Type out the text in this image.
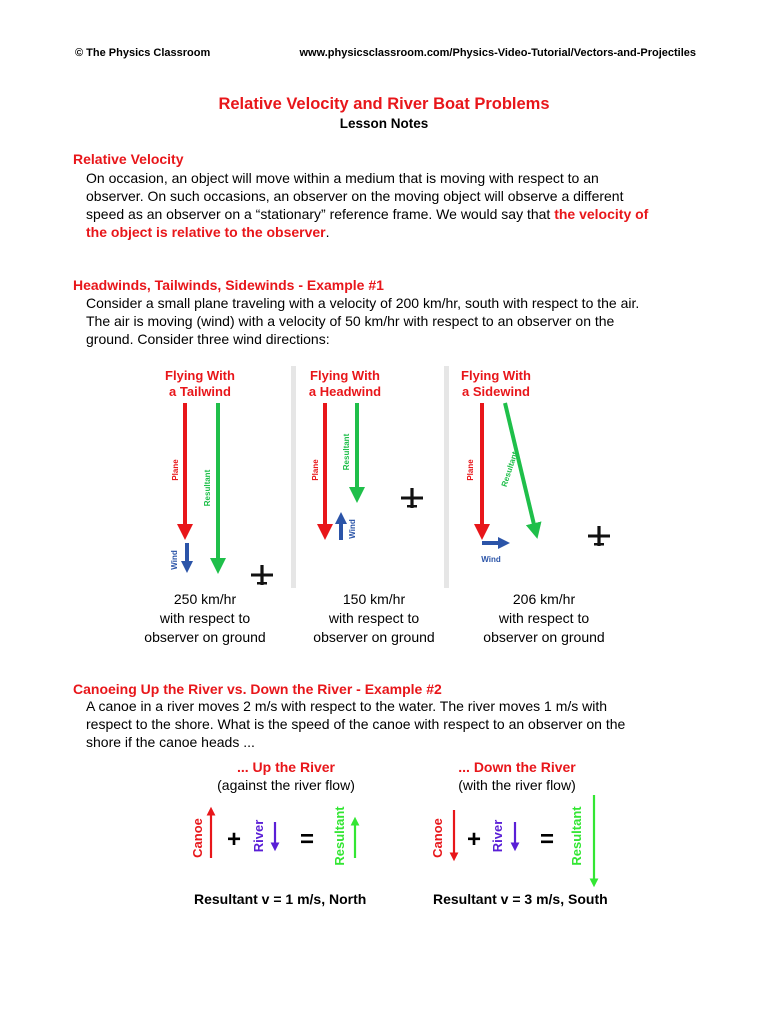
© The Physics Classroom	www.physicsclassroom.com/Physics-Video-Tutorial/Vectors-and-Projectiles
Relative Velocity and River Boat Problems
Lesson Notes
Relative Velocity
On occasion, an object will move within a medium that is moving with respect to an
observer. On such occasions, an observer on the moving object will observe a different
speed as an observer on a “stationary” reference frame. We would say that the velocity of
the object is relative to the observer.
Headwinds, Tailwinds, Sidewinds - Example #1
Consider a small plane traveling with a velocity of 200 km/hr, south with respect to the air.
The air is moving (wind) with a velocity of 50 km/hr with respect to an observer on the
ground. Consider three wind directions:
Flying With
a Tailwind
Flying With
a Headwind
Flying With
a Sidewind
Plane	Resultant
Wind
Plane	Resultant
Wind
Plane	Resultant
Wind
250 km/hr
with respect to
observer on ground
150 km/hr
with respect to
observer on ground
206 km/hr
with respect to
observer on ground
Canoeing Up the River vs. Down the River - Example #2
A canoe in a river moves 2 m/s with respect to the water. The river moves 1 m/s with
respect to the shore. What is the speed of the canoe with respect to an observer on the
shore if the canoe heads ...
... Up the River
(against the river flow)
... Down the River
(with the river flow)
Canoe + River = Resultant	Canoe + River = Resultant
Resultant v = 1 m/s, North	Resultant v = 3 m/s, South
